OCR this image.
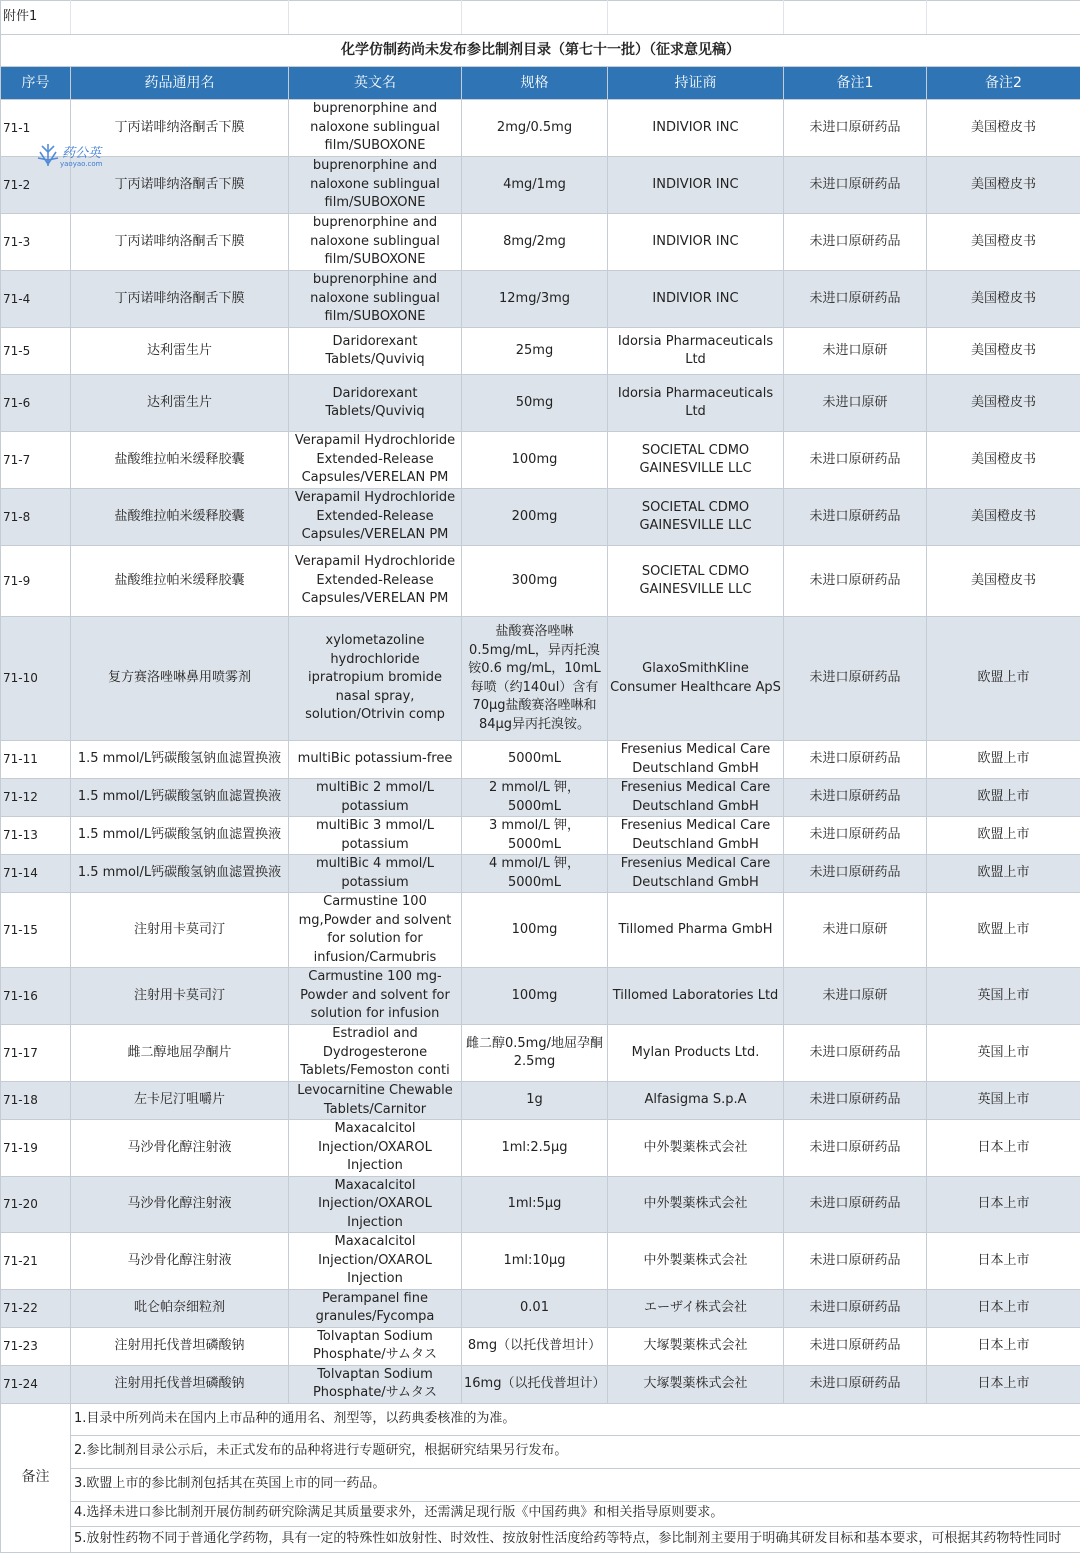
附件1						
化学仿制药尚未发布参比制剂目录（第七十一批）（征求意见稿）						
序号	药品通用名	英文名	规格	持证商	备注1	备注2
71-1	丁丙诺啡纳洛酮舌下膜	buprenorphine and naloxone sublingual film/SUBOXONE	2mg/0.5mg	INDIVIOR INC	未进口原研药品	美国橙皮书
71-2	丁丙诺啡纳洛酮舌下膜	buprenorphine and naloxone sublingual film/SUBOXONE	4mg/1mg	INDIVIOR INC	未进口原研药品	美国橙皮书
71-3	丁丙诺啡纳洛酮舌下膜	buprenorphine and naloxone sublingual film/SUBOXONE	8mg/2mg	INDIVIOR INC	未进口原研药品	美国橙皮书
71-4	丁丙诺啡纳洛酮舌下膜	buprenorphine and naloxone sublingual film/SUBOXONE	12mg/3mg	INDIVIOR INC	未进口原研药品	美国橙皮书
71-5	达利雷生片	Daridorexant Tablets/Quviviq	25mg	Idorsia Pharmaceuticals Ltd	未进口原研	美国橙皮书
71-6	达利雷生片	Daridorexant Tablets/Quviviq	50mg	Idorsia Pharmaceuticals Ltd	未进口原研	美国橙皮书
71-7	盐酸维拉帕米缓释胶囊	Verapamil Hydrochloride Extended-Release Capsules/VERELAN PM	100mg	SOCIETAL CDMO GAINESVILLE LLC	未进口原研药品	美国橙皮书
71-8	盐酸维拉帕米缓释胶囊	Verapamil Hydrochloride Extended-Release Capsules/VERELAN PM	200mg	SOCIETAL CDMO GAINESVILLE LLC	未进口原研药品	美国橙皮书
71-9	盐酸维拉帕米缓释胶囊	Verapamil Hydrochloride Extended-Release Capsules/VERELAN PM	300mg	SOCIETAL CDMO GAINESVILLE LLC	未进口原研药品	美国橙皮书
71-10	复方赛洛唑啉鼻用喷雾剂	xylometazoline hydrochloride ipratropium bromide nasal spray, solution/Otrivin comp	盐酸赛洛唑啉0.5mg/mL，异丙托溴铵0.6 mg/mL，10mL每喷（约140ul）含有70μg盐酸赛洛唑啉和84μg异丙托溴铵。	GlaxoSmithKline Consumer Healthcare ApS	未进口原研药品	欧盟上市
71-11	1.5 mmol/L钙碳酸氢钠血滤置换液	multiBic potassium-free	5000mL	Fresenius Medical Care Deutschland GmbH	未进口原研药品	欧盟上市
71-12	1.5 mmol/L钙碳酸氢钠血滤置换液	multiBic 2 mmol/L potassium	2 mmol/L 钾，5000mL	Fresenius Medical Care Deutschland GmbH	未进口原研药品	欧盟上市
71-13	1.5 mmol/L钙碳酸氢钠血滤置换液	multiBic 3 mmol/L potassium	3 mmol/L 钾，5000mL	Fresenius Medical Care Deutschland GmbH	未进口原研药品	欧盟上市
71-14	1.5 mmol/L钙碳酸氢钠血滤置换液	multiBic 4 mmol/L potassium	4 mmol/L 钾，5000mL	Fresenius Medical Care Deutschland GmbH	未进口原研药品	欧盟上市
71-15	注射用卡莫司汀	Carmustine 100 mg,Powder and solvent for solution for infusion/Carmubris	100mg	Tillomed Pharma GmbH	未进口原研	欧盟上市
71-16	注射用卡莫司汀	Carmustine 100 mg-Powder and solvent for solution for infusion	100mg	Tillomed Laboratories Ltd	未进口原研	英国上市
71-17	雌二醇地屈孕酮片	Estradiol and Dydrogesterone Tablets/Femoston conti	雌二醇0.5mg/地屈孕酮2.5mg	Mylan Products Ltd.	未进口原研药品	英国上市
71-18	左卡尼汀咀嚼片	Levocarnitine Chewable Tablets/Carnitor	1g	Alfasigma S.p.A	未进口原研药品	英国上市
71-19	马沙骨化醇注射液	Maxacalcitol Injection/OXAROL Injection	1ml:2.5μg	中外製薬株式会社	未进口原研药品	日本上市
71-20	马沙骨化醇注射液	Maxacalcitol Injection/OXAROL Injection	1ml:5μg	中外製薬株式会社	未进口原研药品	日本上市
71-21	马沙骨化醇注射液	Maxacalcitol Injection/OXAROL Injection	1ml:10μg	中外製薬株式会社	未进口原研药品	日本上市
71-22	吡仑帕奈细粒剂	Perampanel fine granules/Fycompa	0.01	エーザイ株式会社	未进口原研药品	日本上市
71-23	注射用托伐普坦磷酸钠	Tolvaptan Sodium Phosphate/サムタス	8mg（以托伐普坦计）	大塚製薬株式会社	未进口原研药品	日本上市
71-24	注射用托伐普坦磷酸钠	Tolvaptan Sodium Phosphate/サムタス	16mg（以托伐普坦计）	大塚製薬株式会社	未进口原研药品	日本上市
备注	1.目录中所列尚未在国内上市品种的通用名、剂型等，以药典委核准的为准。					
	2.参比制剂目录公示后，未正式发布的品种将进行专题研究，根据研究结果另行发布。					
	3.欧盟上市的参比制剂包括其在英国上市的同一药品。					
	4.选择未进口参比制剂开展仿制药研究除满足其质量要求外，还需满足现行版《中国药典》和相关指导原则要求。					
	5.放射性药物不同于普通化学药物，具有一定的特殊性如放射性、时效性、按放射性活度给药等特点，参比制剂主要用于明确其研发目标和基本要求，可根据其药物特性同时					
药公英
yaoyao.com
